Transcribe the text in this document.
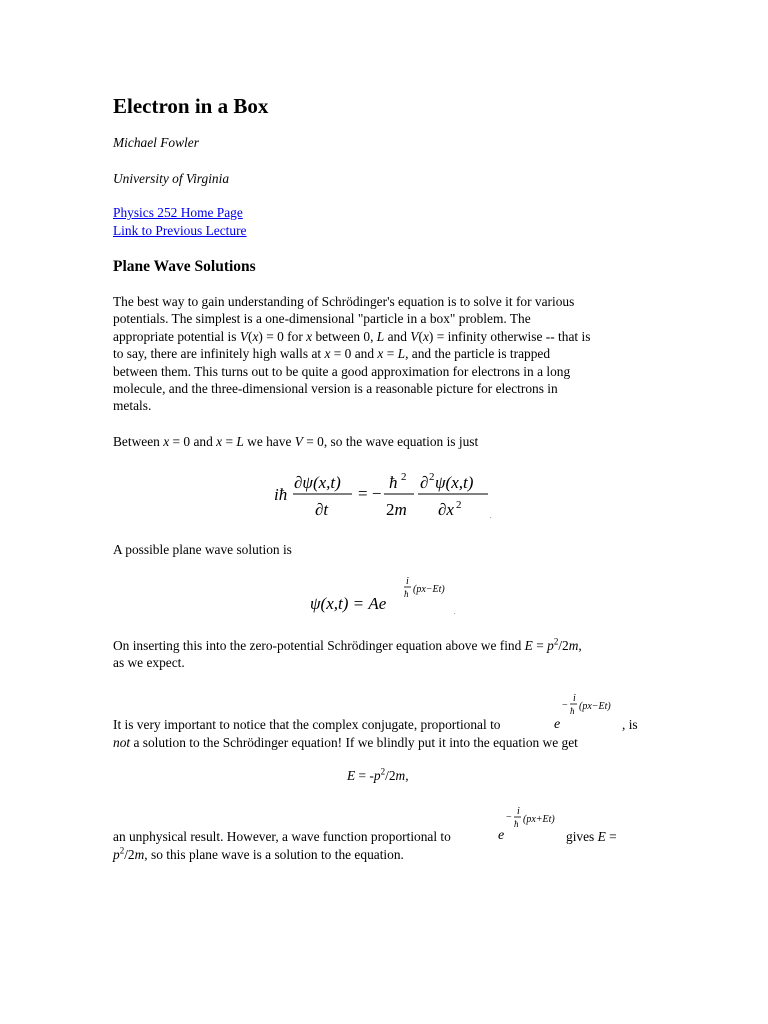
Electron in a Box
Michael Fowler
University of Virginia
Physics 252 Home Page
Link to Previous Lecture
Plane Wave Solutions
The best way to gain understanding of Schrödinger's equation is to solve it for various
potentials. The simplest is a one-dimensional "particle in a box" problem. The
appropriate potential is V(x) = 0 for x between 0, L and V(x) = infinity otherwise -- that is
to say, there are infinitely high walls at x = 0 and x = L, and the particle is trapped
between them. This turns out to be quite a good approximation for electrons in a long
molecule, and the three-dimensional version is a reasonable picture for electrons in
metals.
Between x = 0 and x = L we have V = 0, so the wave equation is just
iħ
∂ψ(x,t)
∂t
= −
ħ 2
2m
∂ 2 ψ(x,t)
∂x 2
.
A possible plane wave solution is
ψ(x,t) = Ae
i
ħ (px−Et)
.
On inserting this into the zero-potential Schrödinger equation above we find $E = p^2/2m$,
as we expect.
It is very important to notice that the complex conjugate, proportional to	e
−
i
ħ (px−Et)
, is
not a solution to the Schrödinger equation! If we blindly put it into the equation we get
$E = -p^2/2m$,
an unphysical result. However, a wave function proportional to	e
−
i
ħ (px+Et)
gives E =
$p^2/2m$, so this plane wave is a solution to the equation.
